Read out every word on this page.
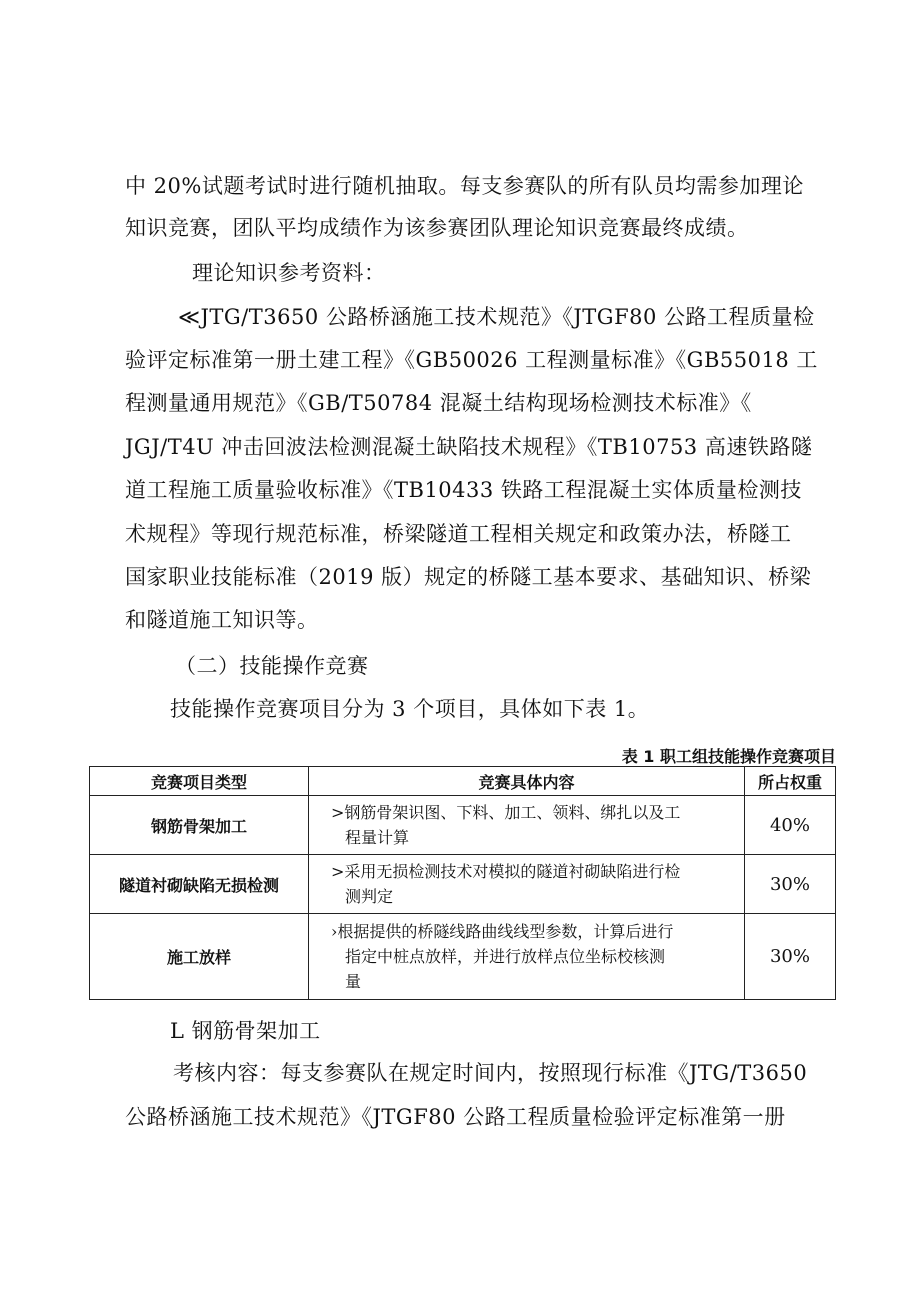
中 20%试题考试时进行随机抽取。每支参赛队的所有队员均需参加理论
知识竞赛，团队平均成绩作为该参赛团队理论知识竞赛最终成绩。
理论知识参考资料：
≪JTG/T3650 公路桥涵施工技术规范》《JTGF80 公路工程质量检
验评定标准第一册土建工程》《GB50026 工程测量标准》《GB55018 工
程测量通用规范》《GB/T50784 混凝土结构现场检测技术标准》《
JGJ/T4U 冲击回波法检测混凝土缺陷技术规程》《TB10753 高速铁路隧
道工程施工质量验收标准》《TB10433 铁路工程混凝土实体质量检测技
术规程》等现行规范标准，桥梁隧道工程相关规定和政策办法，桥隧工
国家职业技能标准（2019 版）规定的桥隧工基本要求、基础知识、桥梁
和隧道施工知识等。
（二）技能操作竞赛
技能操作竞赛项目分为 3 个项目，具体如下表 1。
表 1 职工组技能操作竞赛项目
竞赛项目类型	竞赛具体内容	所占权重
钢筋骨架加工	>钢筋骨架识图、下料、加工、领料、绑扎以及工
程量计算	40%
隧道衬砌缺陷无损检测	>采用无损检测技术对模拟的隧道衬砌缺陷进行检
测判定	30%
施工放样	›根据提供的桥隧线路曲线线型参数，计算后进行
指定中桩点放样，并进行放样点位坐标校核测
量	30%
L 钢筋骨架加工
考核内容：每支参赛队在规定时间内，按照现行标准《JTG/T3650
公路桥涵施工技术规范》《JTGF80 公路工程质量检验评定标准第一册
